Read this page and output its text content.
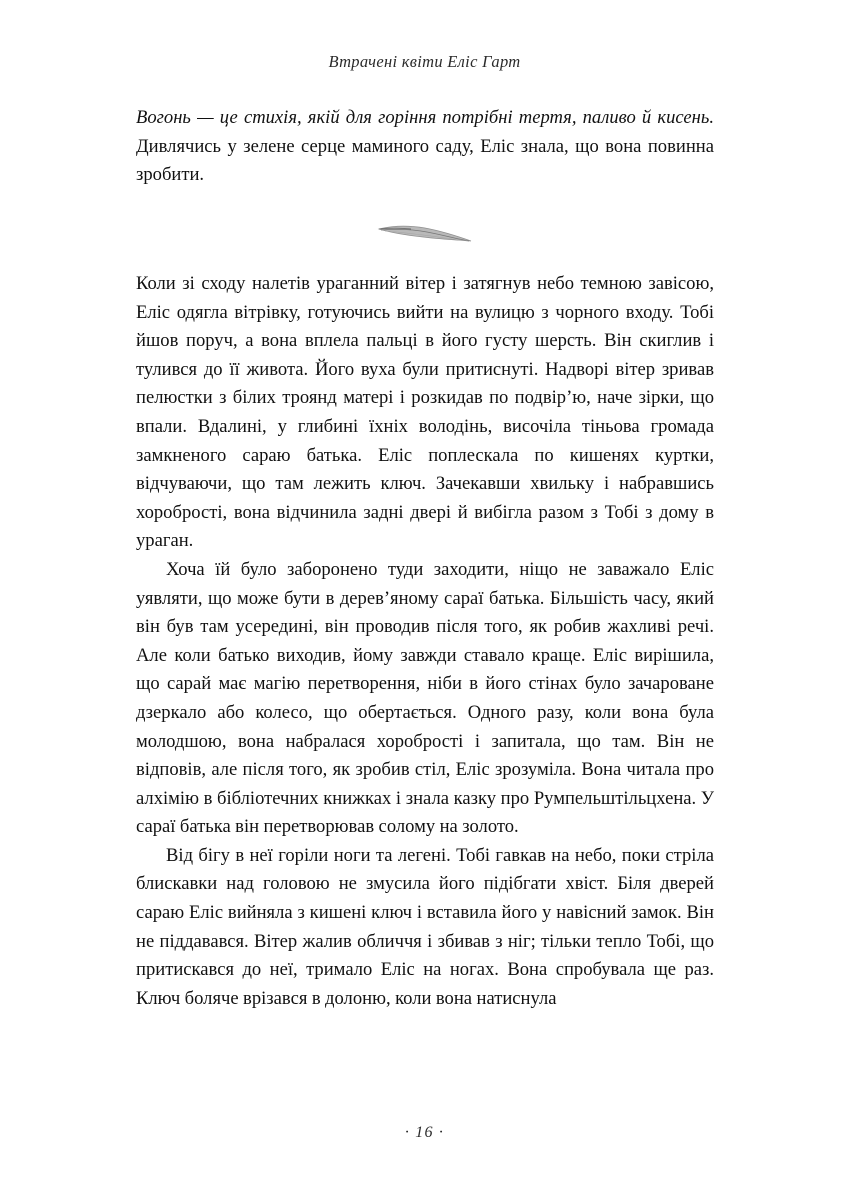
Втрачені квіти Еліс Гарт

Вогонь — це стихія, якій для горіння потрібні тертя, паливо й кисень. Дивлячись у зелене серце маминого саду, Еліс знала, що вона повинна зробити.

Коли зі сходу налетів ураганний вітер і затягнув небо темною завісою, Еліс одягла вітрівку, готуючись вийти на вулицю з чорного входу. Тобі йшов поруч, а вона вплела пальці в його густу шерсть. Він скиглив і тулився до її живота. Його вуха були притиснуті. Надворі вітер зривав пелюстки з білих троянд матері і розкидав по подвір’ю, наче зірки, що впали. Вдалині, у глибині їхніх володінь, височіла тіньова громада замкненого сараю батька. Еліс поплескала по кишенях куртки, відчуваючи, що там лежить ключ. Зачекавши хвильку і набравшись хоробрості, вона відчинила задні двері й вибігла разом з Тобі з дому в ураган.

Хоча їй було заборонено туди заходити, ніщо не заважало Еліс уявляти, що може бути в дерев’яному сараї батька. Більшість часу, який він був там усередині, він проводив після того, як робив жахливі речі. Але коли батько виходив, йому завжди ставало краще. Еліс вирішила, що сарай має магію перетворення, ніби в його стінах було зачароване дзеркало або колесо, що обертається. Одного разу, коли вона була молодшою, вона набралася хоробрості і запитала, що там. Він не відповів, але після того, як зробив стіл, Еліс зрозуміла. Вона читала про алхімію в бібліотечних книжках і знала казку про Румпельштільцхена. У сараї батька він перетворював солому на золото.

Від бігу в неї горіли ноги та легені. Тобі гавкав на небо, поки стріла блискавки над головою не змусила його підібгати хвіст. Біля дверей сараю Еліс вийняла з кишені ключ і вставила його у навісний замок. Він не піддавався. Вітер жалив обличчя і збивав з ніг; тільки тепло Тобі, що притискався до неї, тримало Еліс на ногах. Вона спробувала ще раз. Ключ боляче врізався в долоню, коли вона натиснула

· 16 ·
